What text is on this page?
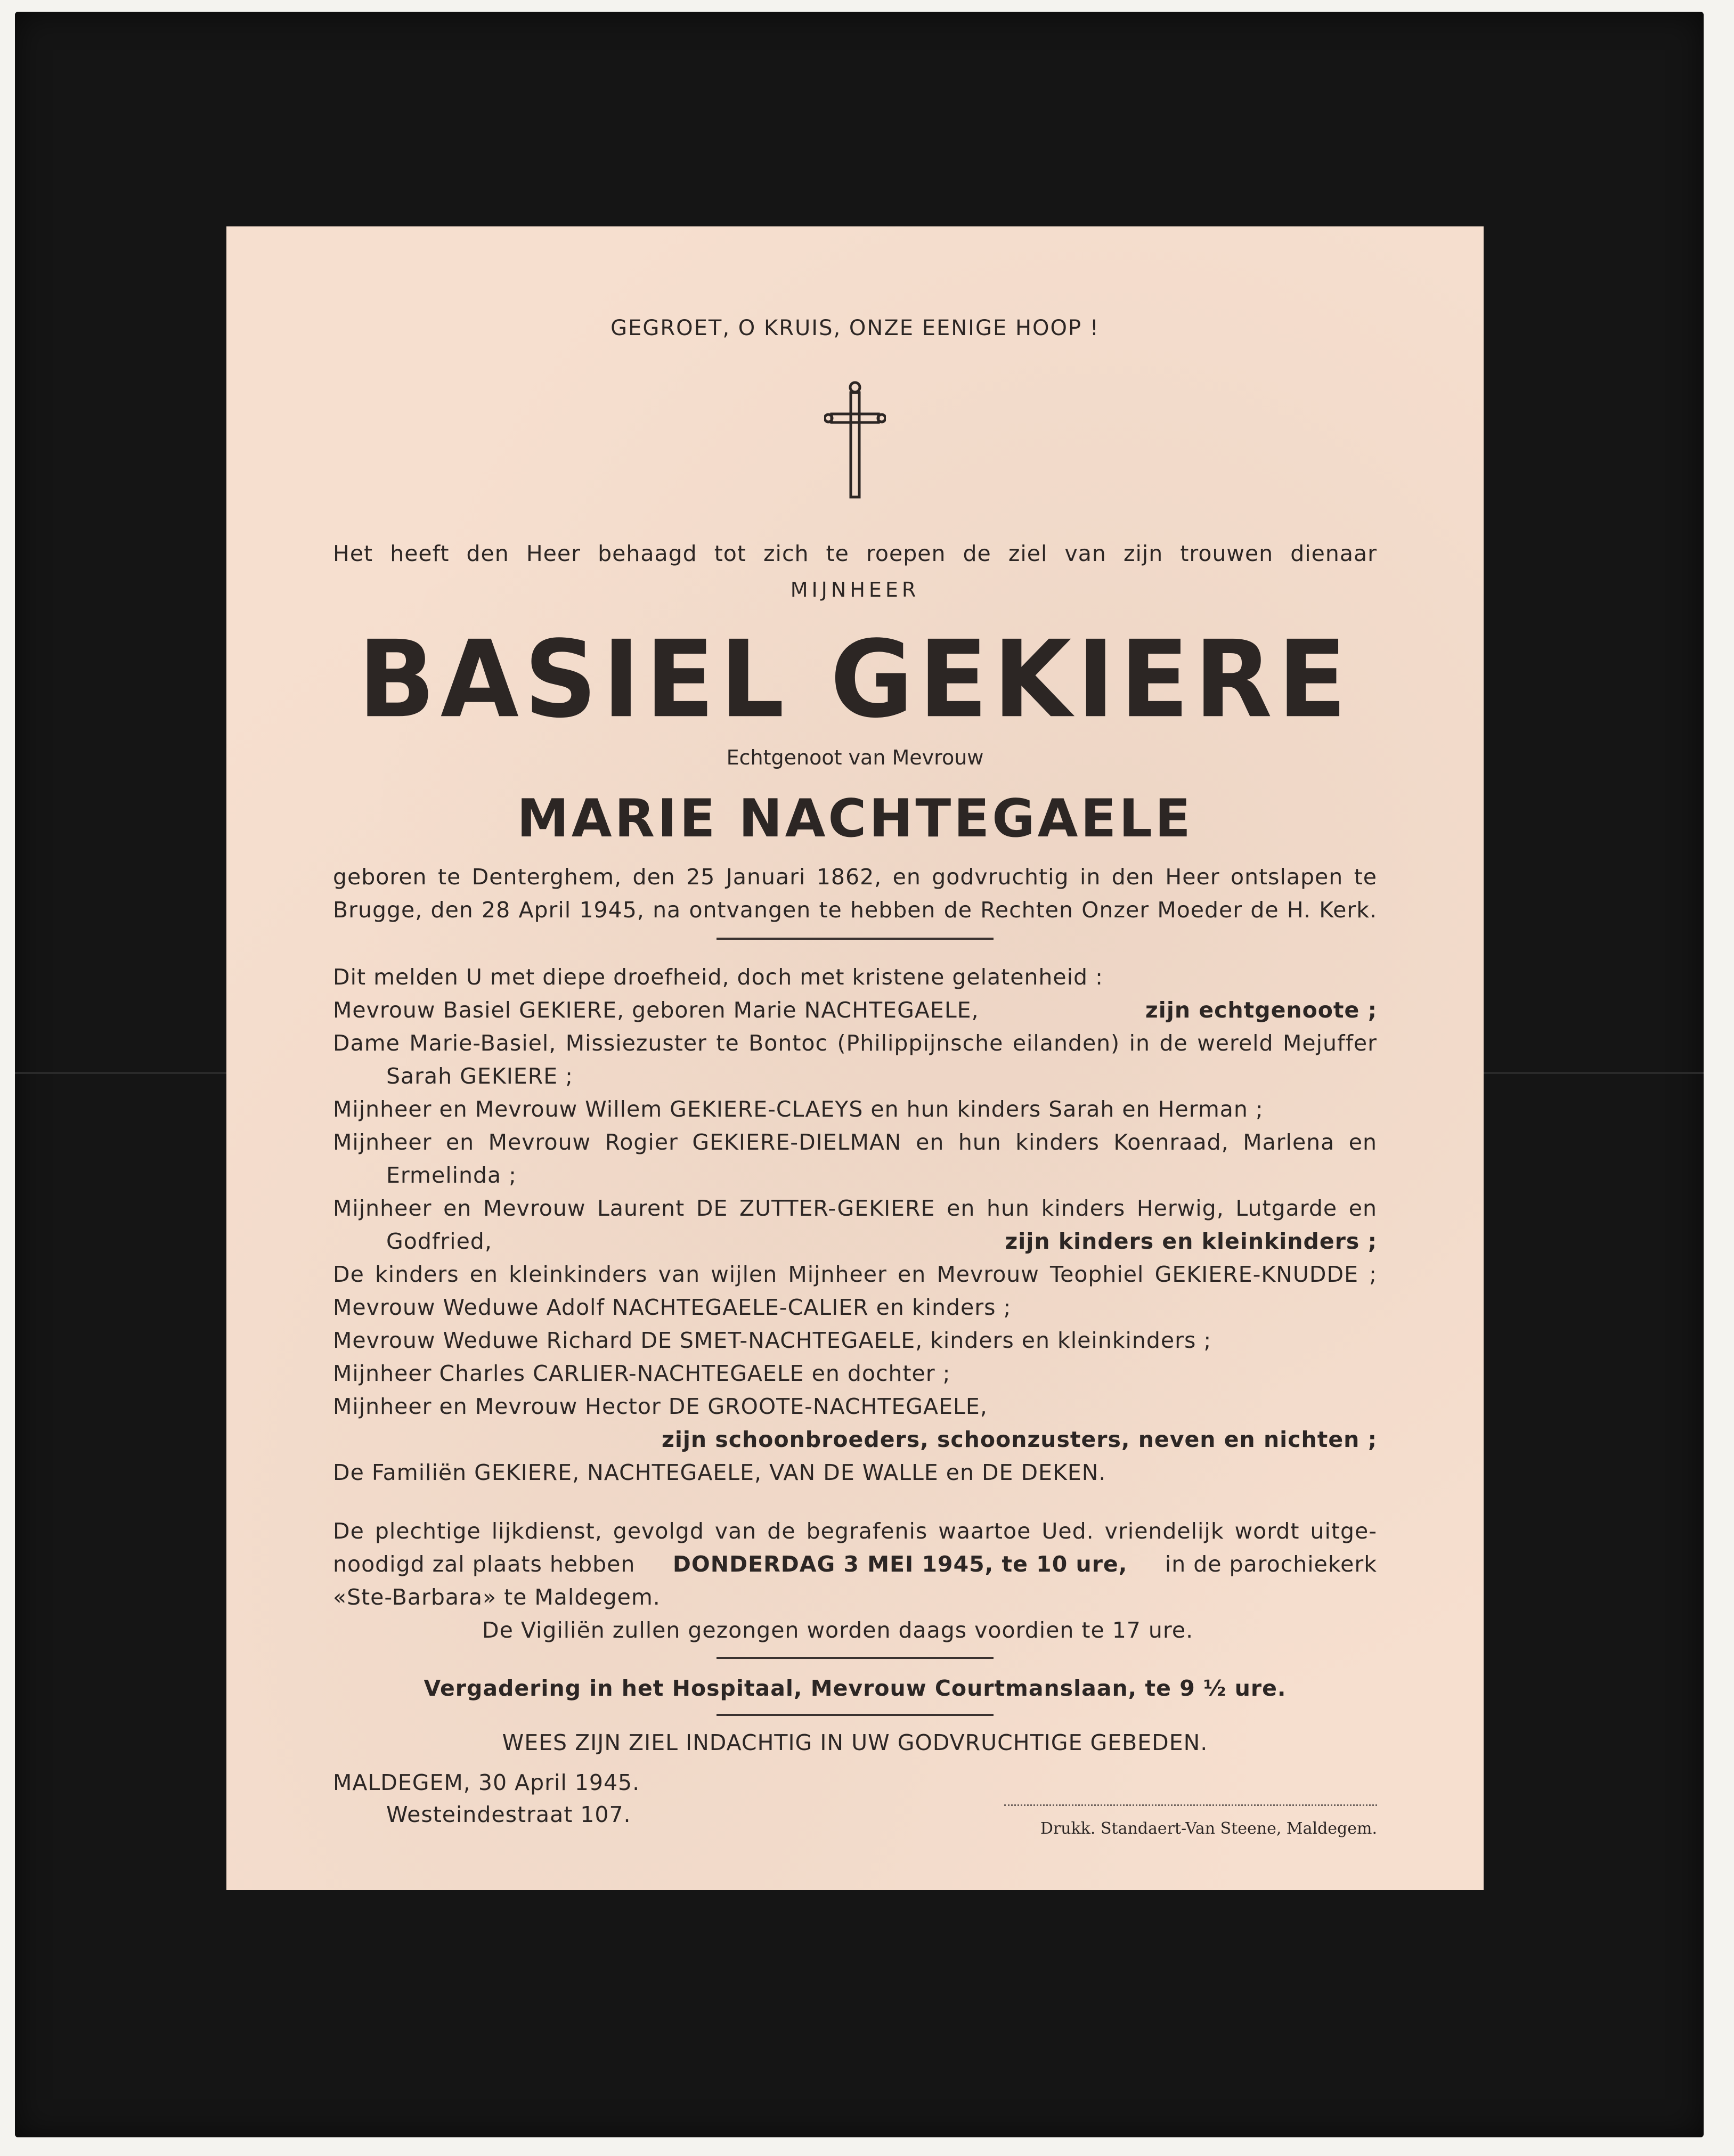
GEGROET, O KRUIS, ONZE EENIGE HOOP !
Het heeft den Heer behaagd tot zich te roepen de ziel van zijn trouwen dienaar
MIJNHEER
BASIEL GEKIERE
Echtgenoot van Mevrouw
MARIE NACHTEGAELE
geboren te Denterghem, den 25 Januari 1862, en godvruchtig in den Heer ontslapen te
Brugge, den 28 April 1945, na ontvangen te hebben de Rechten Onzer Moeder de H. Kerk.
Dit melden U met diepe droefheid, doch met kristene gelatenheid :
Mevrouw Basiel GEKIERE, geboren Marie NACHTEGAELE,	zijn echtgenoote ;
Dame Marie-Basiel, Missiezuster te Bontoc (Philippijnsche eilanden) in de wereld Mejuffer
Sarah GEKIERE ;
Mijnheer en Mevrouw Willem GEKIERE-CLAEYS en hun kinders Sarah en Herman ;
Mijnheer en Mevrouw Rogier GEKIERE-DIELMAN en hun kinders Koenraad, Marlena en
Ermelinda ;
Mijnheer en Mevrouw Laurent DE ZUTTER-GEKIERE en hun kinders Herwig, Lutgarde en
Godfried,	zijn kinders en kleinkinders ;
De kinders en kleinkinders van wijlen Mijnheer en Mevrouw Teophiel GEKIERE-KNUDDE ;
Mevrouw Weduwe Adolf NACHTEGAELE-CALIER en kinders ;
Mevrouw Weduwe Richard DE SMET-NACHTEGAELE, kinders en kleinkinders ;
Mijnheer Charles CARLIER-NACHTEGAELE en dochter ;
Mijnheer en Mevrouw Hector DE GROOTE-NACHTEGAELE,
zijn schoonbroeders, schoonzusters, neven en nichten ;
De Familiën GEKIERE, NACHTEGAELE, VAN DE WALLE en DE DEKEN.
De plechtige lijkdienst, gevolgd van de begrafenis waartoe Ued. vriendelijk wordt uitge-
noodigd zal plaats hebben DONDERDAG 3 MEI 1945, te 10 ure, in de parochiekerk
«Ste-Barbara» te Maldegem.
De Vigiliën zullen gezongen worden daags voordien te 17 ure.
Vergadering in het Hospitaal, Mevrouw Courtmanslaan, te 9 ½ ure.
WEES ZIJN ZIEL INDACHTIG IN UW GODVRUCHTIGE GEBEDEN.
MALDEGEM, 30 April 1945.
Westeindestraat 107.
Drukk. Standaert-Van Steene, Maldegem.
